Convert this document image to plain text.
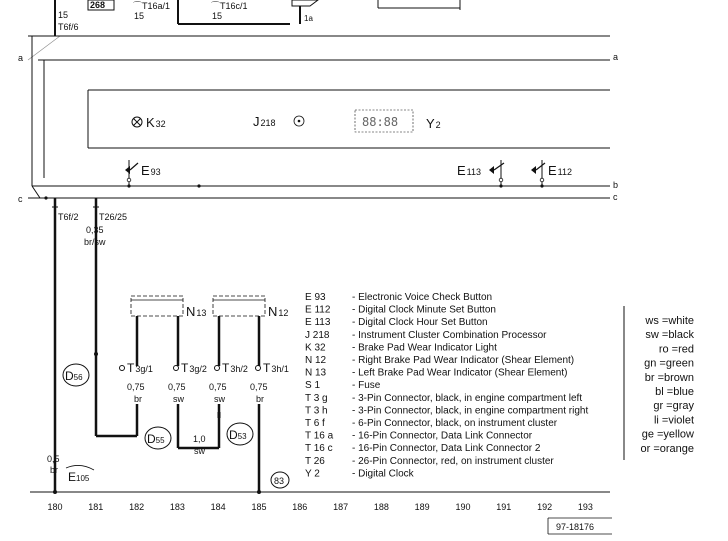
15
T6f/6
268	⌒T16a/1
15
⌒T16c/1
15	1a
a	a
K32	J218	88:88 Y2
E93	E113	E112
b
c	c
T6f/2
0,5
br
T26/25
0,35
br/sw
N13	N12
1,0
sw
T3g/1
0,75
br
T3g/2
0,75
sw
T3h/2
0,75
sw
T3h/1
0,75
br
D56
D55	D53
E105	83
E 93	- Electronic Voice Check Button
E 112 - Digital Clock Minute Set Button
E 113 - Digital Clock Hour Set Button
J 218 - Instrument Cluster Combination Processor
K 32	- Brake Pad Wear Indicator Light
N 12	- Right Brake Pad Wear Indicator (Shear Element)
N 13	- Left Brake Pad Wear Indicator (Shear Element)
S 1	- Fuse
T 3 g - 3-Pin Connector, black, in engine compartment left
T 3 h - 3-Pin Connector, black, in engine compartment right
T 6 f	- 6-Pin Connector, black, on instrument cluster
T 16 a - 16-Pin Connector, Data Link Connector
T 16 c - 16-Pin Connector, Data Link Connector 2
T 26	- 26-Pin Connector, red, on instrument cluster
Y 2	- Digital Clock
ws =white
sw =black
ro =red
gn =green
br =brown
bl =blue
gr =gray
li =violet
ge =yellow
or =orange
180	181	182	183	184	185	186	187	188	189	190	191	192	193
97-18176
